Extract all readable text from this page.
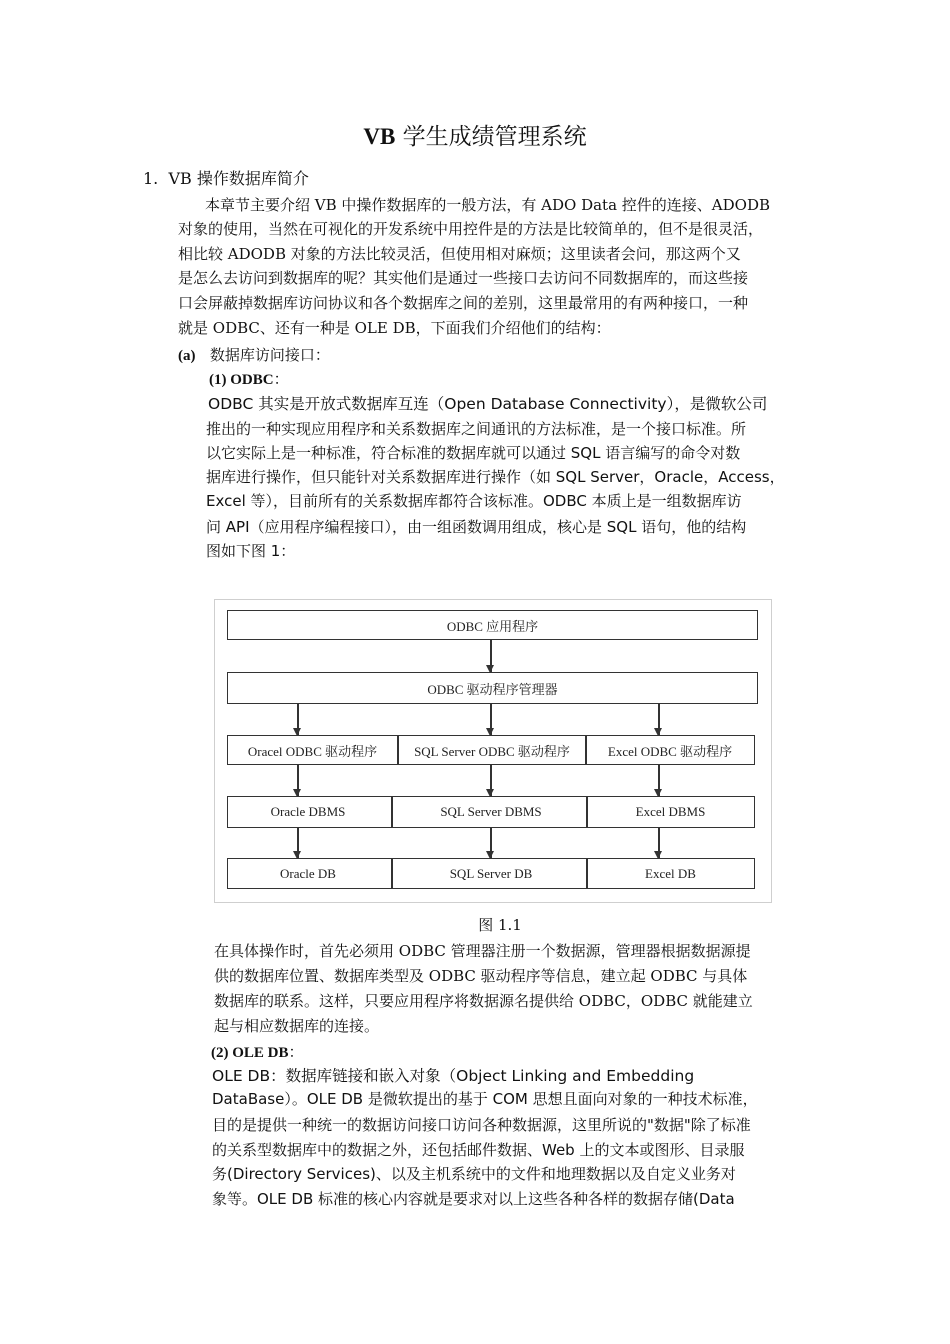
VB 学生成绩管理系统
1. VB 操作数据库简介
本章节主要介绍 VB 中操作数据库的一般方法，有 ADO Data 控件的连接、ADODB
对象的使用，当然在可视化的开发系统中用控件是的方法是比较简单的，但不是很灵活，
相比较 ADODB 对象的方法比较灵活，但使用相对麻烦；这里读者会问，那这两个又
是怎么去访问到数据库的呢？其实他们是通过一些接口去访问不同数据库的，而这些接
口会屏蔽掉数据库访问协议和各个数据库之间的差别，这里最常用的有两种接口，一种
就是 ODBC、还有一种是 OLE DB，下面我们介绍他们的结构：
(a) 数据库访问接口：
(1) ODBC：
ODBC 其实是开放式数据库互连（Open Database Connectivity），是微软公司
推出的一种实现应用程序和关系数据库之间通讯的方法标准，是一个接口标准。所
以它实际上是一种标准，符合标准的数据库就可以通过 SQL 语言编写的命令对数
据库进行操作，但只能针对关系数据库进行操作（如 SQL Server，Oracle，Access，
Excel 等），目前所有的关系数据库都符合该标准。ODBC 本质上是一组数据库访
问 API（应用程序编程接口），由一组函数调用组成，核心是 SQL 语句，他的结构
图如下图 1：
ODBC 应用程序
ODBC 驱动程序管理器
Oracel ODBC 驱动程序	SQL Server ODBC 驱动程序	Excel ODBC 驱动程序
Oracle DBMS	SQL Server DBMS	Excel DBMS
Oracle DB	SQL Server DB	Excel DB
图 1.1
在具体操作时，首先必须用 ODBC 管理器注册一个数据源，管理器根据数据源提
供的数据库位置、数据库类型及 ODBC 驱动程序等信息，建立起 ODBC 与具体
数据库的联系。这样，只要应用程序将数据源名提供给 ODBC，ODBC 就能建立
起与相应数据库的连接。
(2) OLE DB：
OLE DB：数据库链接和嵌入对象（Object Linking and Embedding
DataBase）。OLE DB 是微软提出的基于 COM 思想且面向对象的一种技术标准，
目的是提供一种统一的数据访问接口访问各种数据源，这里所说的"数据"除了标准
的关系型数据库中的数据之外，还包括邮件数据、Web 上的文本或图形、目录服
务(Directory Services)、以及主机系统中的文件和地理数据以及自定义业务对
象等。OLE DB 标准的核心内容就是要求对以上这些各种各样的数据存储(Data
